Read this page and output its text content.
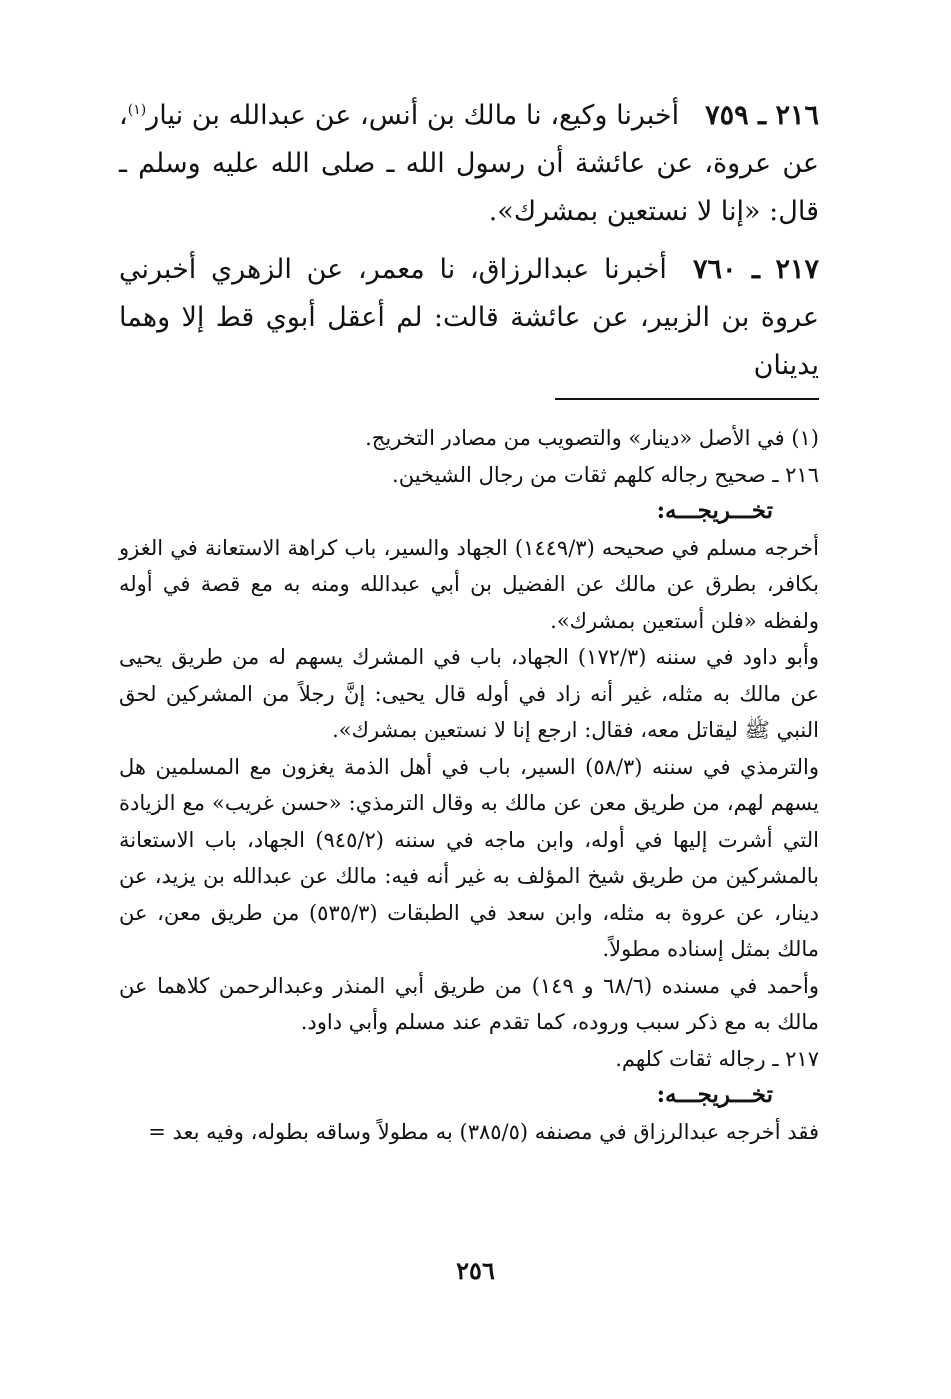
٢١٦ ـ ٧٥٩أخبرنا وكيع، نا مالك بن أنس، عن عبدالله بن نيار$^{(١)}$، عن عروة، عن عائشة أن رسول الله ـ صلى الله عليه وسلم ـ قال: «إنا لا نستعين بمشرك».

٢١٧ ـ ٧٦٠أخبرنا عبدالرزاق، نا معمر، عن الزهري أخبرني عروة بن الزبير، عن عائشة قالت: لم أعقل أبوي قط إلا وهما يدينان

(١) في الأصل «دينار» والتصويب من مصادر التخريج.

٢١٦ ـ صحيح رجاله كلهم ثقات من رجال الشيخين.

تخـــريجـــه:

أخرجه مسلم في صحيحه (١٤٤٩/٣) الجهاد والسير، باب كراهة الاستعانة في الغزو بكافر، بطرق عن مالك عن الفضيل بن أبي عبدالله ومنه به مع قصة في أوله ولفظه «فلن أستعين بمشرك».

وأبو داود في سننه (١٧٢/٣) الجهاد، باب في المشرك يسهم له من طريق يحيى عن مالك به مثله، غير أنه زاد في أوله قال يحيى: إنَّ رجلاً من المشركين لحق النبي ﷺ ليقاتل معه، فقال: ارجع إنا لا نستعين بمشرك».

والترمذي في سننه (٥٨/٣) السير، باب في أهل الذمة يغزون مع المسلمين هل يسهم لهم، من طريق معن عن مالك به وقال الترمذي: «حسن غريب» مع الزيادة التي أشرت إليها في أوله، وابن ماجه في سننه (٩٤٥/٢) الجهاد، باب الاستعانة بالمشركين من طريق شيخ المؤلف به غير أنه فيه: مالك عن عبدالله بن يزيد، عن دينار، عن عروة به مثله، وابن سعد في الطبقات (٥٣٥/٣) من طريق معن، عن مالك بمثل إسناده مطولاً.

وأحمد في مسنده (٦٨/٦ و ١٤٩) من طريق أبي المنذر وعبدالرحمن كلاهما عن مالك به مع ذكر سبب وروده، كما تقدم عند مسلم وأبي داود.

٢١٧ ـ رجاله ثقات كلهم.

تخـــريجـــه:

فقد أخرجه عبدالرزاق في مصنفه (٣٨٥/٥) به مطولاً وساقه بطوله، وفيه بعد =

٢٥٦
